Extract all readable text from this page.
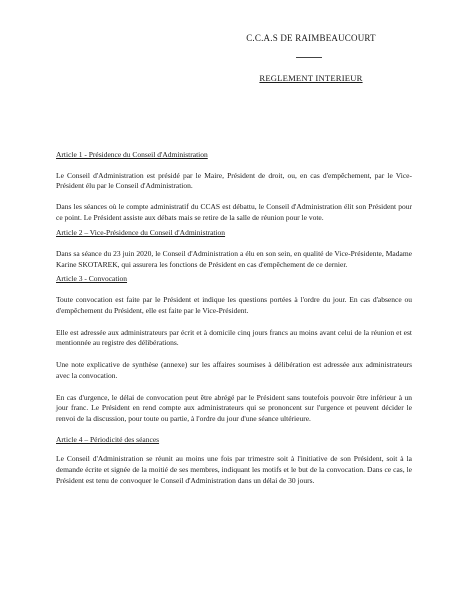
C.C.A.S DE RAIMBEAUCOURT
REGLEMENT INTERIEUR
Article 1 - Présidence du Conseil d'Administration

Le Conseil d'Administration est présidé par le Maire, Président de droit, ou, en cas d'empêchement, par le Vice-Président élu par le Conseil d'Administration.

Dans les séances où le compte administratif du CCAS est débattu, le Conseil d'Administration élit son Président pour ce point. Le Président assiste aux débats mais se retire de la salle de réunion pour le vote.

Article 2 – Vice-Présidence du Conseil d'Administration

Dans sa séance du 23 juin 2020, le Conseil d'Administration a élu en son sein, en qualité de Vice-Présidente, Madame Karine SKOTAREK, qui assurera les fonctions de Président en cas d'empêchement de ce dernier.

Article 3 - Convocation

Toute convocation est faite par le Président et indique les questions portées à l'ordre du jour. En cas d'absence ou d'empêchement du Président, elle est faite par le Vice-Président.

Elle est adressée aux administrateurs par écrit et à domicile cinq jours francs au moins avant celui de la réunion et est mentionnée au registre des délibérations.

Une note explicative de synthèse (annexe) sur les affaires soumises à délibération est adressée aux administrateurs avec la convocation.

En cas d'urgence, le délai de convocation peut être abrégé par le Président sans toutefois pouvoir être inférieur à un jour franc. Le Président en rend compte aux administrateurs qui se prononcent sur l'urgence et peuvent décider le renvoi de la discussion, pour toute ou partie, à l'ordre du jour d'une séance ultérieure.

Article 4 – Périodicité des séances

Le Conseil d'Administration se réunit au moins une fois par trimestre soit à l'initiative de son Président, soit à la demande écrite et signée de la moitié de ses membres, indiquant les motifs et le but de la convocation. Dans ce cas, le Président est tenu de convoquer le Conseil d'Administration dans un délai de 30 jours.
